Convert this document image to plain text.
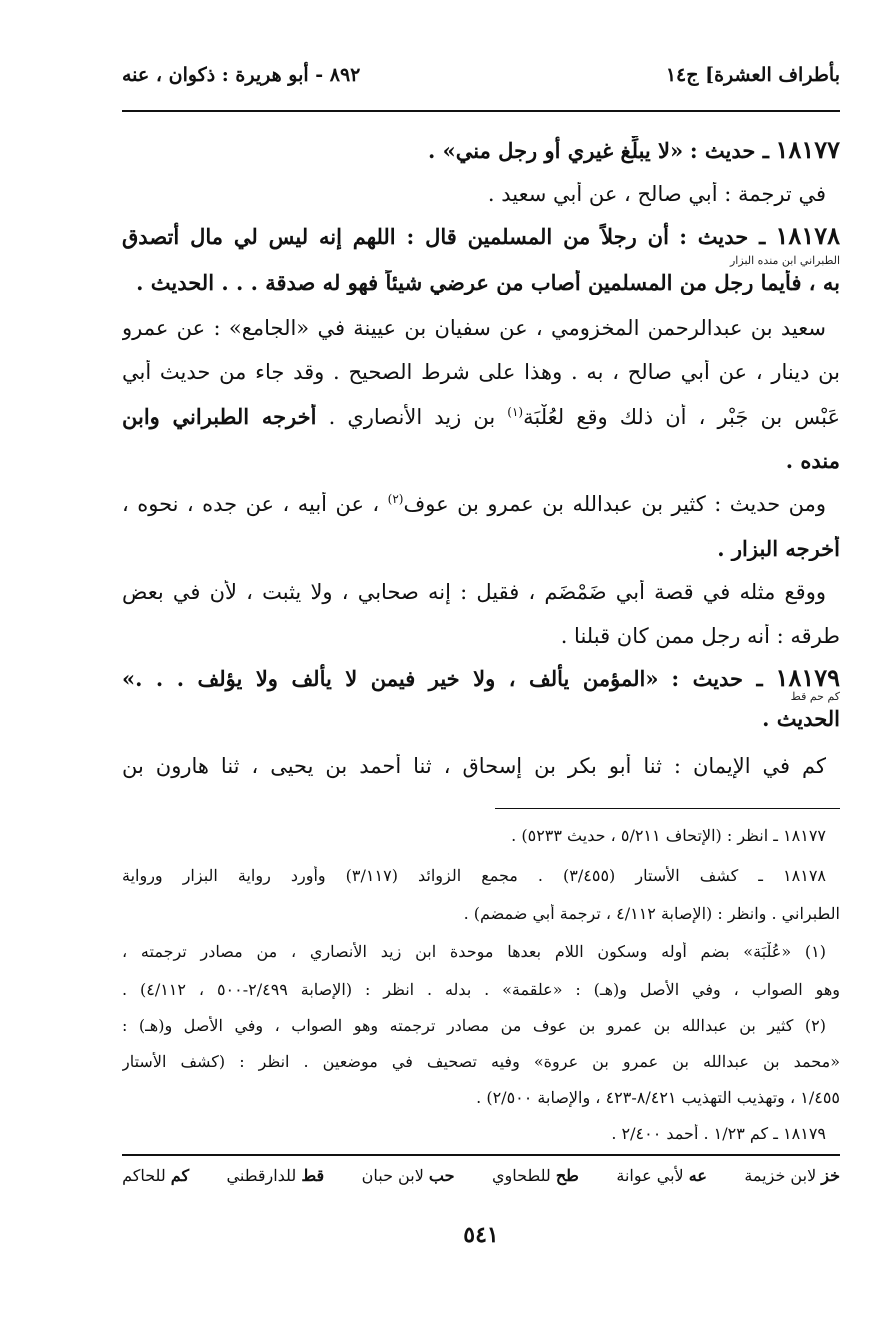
بأطراف العشرة] ج١٤
٨٩٢ - أبو هريرة : ذكوان ، عنه
١٨١٧٧ ـ حديث : «لا يبلِّغ غيري أو رجل مني» .
في ترجمة : أبي صالح ، عن أبي سعيد .
١٨١٧٨ ـ حديث : أن رجلاً من المسلمين قال : اللهم إنه ليس لي مال أتصدق
الطبراني ابن منده البزار
به ، فأيما رجل من المسلمين أصاب من عرضي شيئاً فهو له صدقة . . . الحديث .
سعيد بن عبدالرحمن المخزومي ، عن سفيان بن عيينة في «الجامع» : عن عمرو
بن دينار ، عن أبي صالح ، به . وهذا على شرط الصحيح . وقد جاء من حديث أبي
عَبْس بن جَبْر ، أن ذلك وقع لعُلْبَة$^{(١)}$ بن زيد الأنصاري . أخرجه الطبراني وابن
منده .
ومن حديث : كثير بن عبدالله بن عمرو بن عوف$^{(٢)}$ ، عن أبيه ، عن جده ، نحوه ،
أخرجه البزار .
ووقع مثله في قصة أبي ضَمْضَم ، فقيل : إنه صحابي ، ولا يثبت ، لأن في بعض
طرقه : أنه رجل ممن كان قبلنا .
١٨١٧٩ ـ حديث : «المؤمن يألف ، ولا خير فيمن لا يألف ولا يؤلف . . .»
كم حم قط
الحديث .
كم في الإيمان : ثنا أبو بكر بن إسحاق ، ثنا أحمد بن يحيى ، ثنا هارون بن
١٨١٧٧ ـ انظر : (الإتحاف ٥/٢١١ ، حديث ٥٢٣٣) .
١٨١٧٨ ـ كشف الأستار (٣/٤٥٥) . مجمع الزوائد (٣/١١٧) وأورد رواية البزار ورواية
الطبراني . وانظر : (الإصابة ٤/١١٢ ، ترجمة أبي ضمضم) .
(١) «عُلْبَة» بضم أوله وسكون اللام بعدها موحدة ابن زيد الأنصاري ، من مصادر ترجمته ،
وهو الصواب ، وفي الأصل و(هـ) : «علقمة» . بدله . انظر : (الإصابة ٢/٤٩٩-٥٠٠ ، ٤/١١٢) .
(٢) كثير بن عبدالله بن عمرو بن عوف من مصادر ترجمته وهو الصواب ، وفي الأصل و(هـ) :
«محمد بن عبدالله بن عمرو بن عروة» وفيه تصحيف في موضعين . انظر : (كشف الأستار
١/٤٥٥ ، وتهذيب التهذيب ٨/٤٢١-٤٢٣ ، والإصابة ٢/٥٠٠) .
١٨١٧٩ ـ كم ١/٢٣ . أحمد ٢/٤٠٠ .
خز لابن خزيمة
عه لأبي عوانة
طح للطحاوي
حب لابن حبان
قط للدارقطني
كم للحاكم
٥٤١
